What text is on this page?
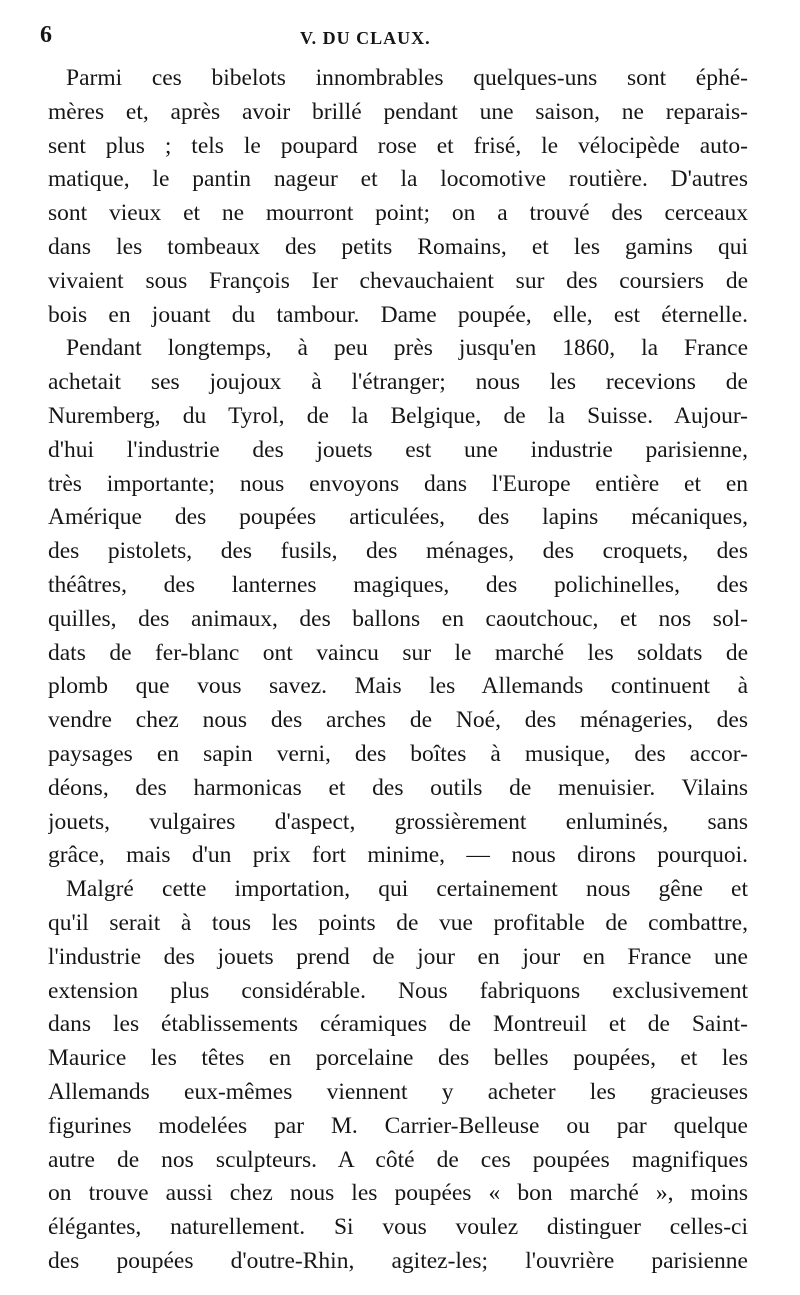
6	V. DU CLAUX.
Parmi ces bibelots innombrables quelques-uns sont éphé-
mères et, après avoir brillé pendant une saison, ne reparais-
sent plus ; tels le poupard rose et frisé, le vélocipède auto-
matique, le pantin nageur et la locomotive routière. D'autres
sont vieux et ne mourront point; on a trouvé des cerceaux
dans les tombeaux des petits Romains, et les gamins qui
vivaient sous François Ier chevauchaient sur des coursiers de
bois en jouant du tambour. Dame poupée, elle, est éternelle.
Pendant longtemps, à peu près jusqu'en 1860, la France
achetait ses joujoux à l'étranger; nous les recevions de
Nuremberg, du Tyrol, de la Belgique, de la Suisse. Aujour-
d'hui l'industrie des jouets est une industrie parisienne,
très importante; nous envoyons dans l'Europe entière et en
Amérique des poupées articulées, des lapins mécaniques,
des pistolets, des fusils, des ménages, des croquets, des
théâtres, des lanternes magiques, des polichinelles, des
quilles, des animaux, des ballons en caoutchouc, et nos sol-
dats de fer-blanc ont vaincu sur le marché les soldats de
plomb que vous savez. Mais les Allemands continuent à
vendre chez nous des arches de Noé, des ménageries, des
paysages en sapin verni, des boîtes à musique, des accor-
déons, des harmonicas et des outils de menuisier. Vilains
jouets, vulgaires d'aspect, grossièrement enluminés, sans
grâce, mais d'un prix fort minime, — nous dirons pourquoi.
Malgré cette importation, qui certainement nous gêne et
qu'il serait à tous les points de vue profitable de combattre,
l'industrie des jouets prend de jour en jour en France une
extension plus considérable. Nous fabriquons exclusivement
dans les établissements céramiques de Montreuil et de Saint-
Maurice les têtes en porcelaine des belles poupées, et les
Allemands eux-mêmes viennent y acheter les gracieuses
figurines modelées par M. Carrier-Belleuse ou par quelque
autre de nos sculpteurs. A côté de ces poupées magnifiques
on trouve aussi chez nous les poupées « bon marché », moins
élégantes, naturellement. Si vous voulez distinguer celles-ci
des poupées d'outre-Rhin, agitez-les; l'ouvrière parisienne
